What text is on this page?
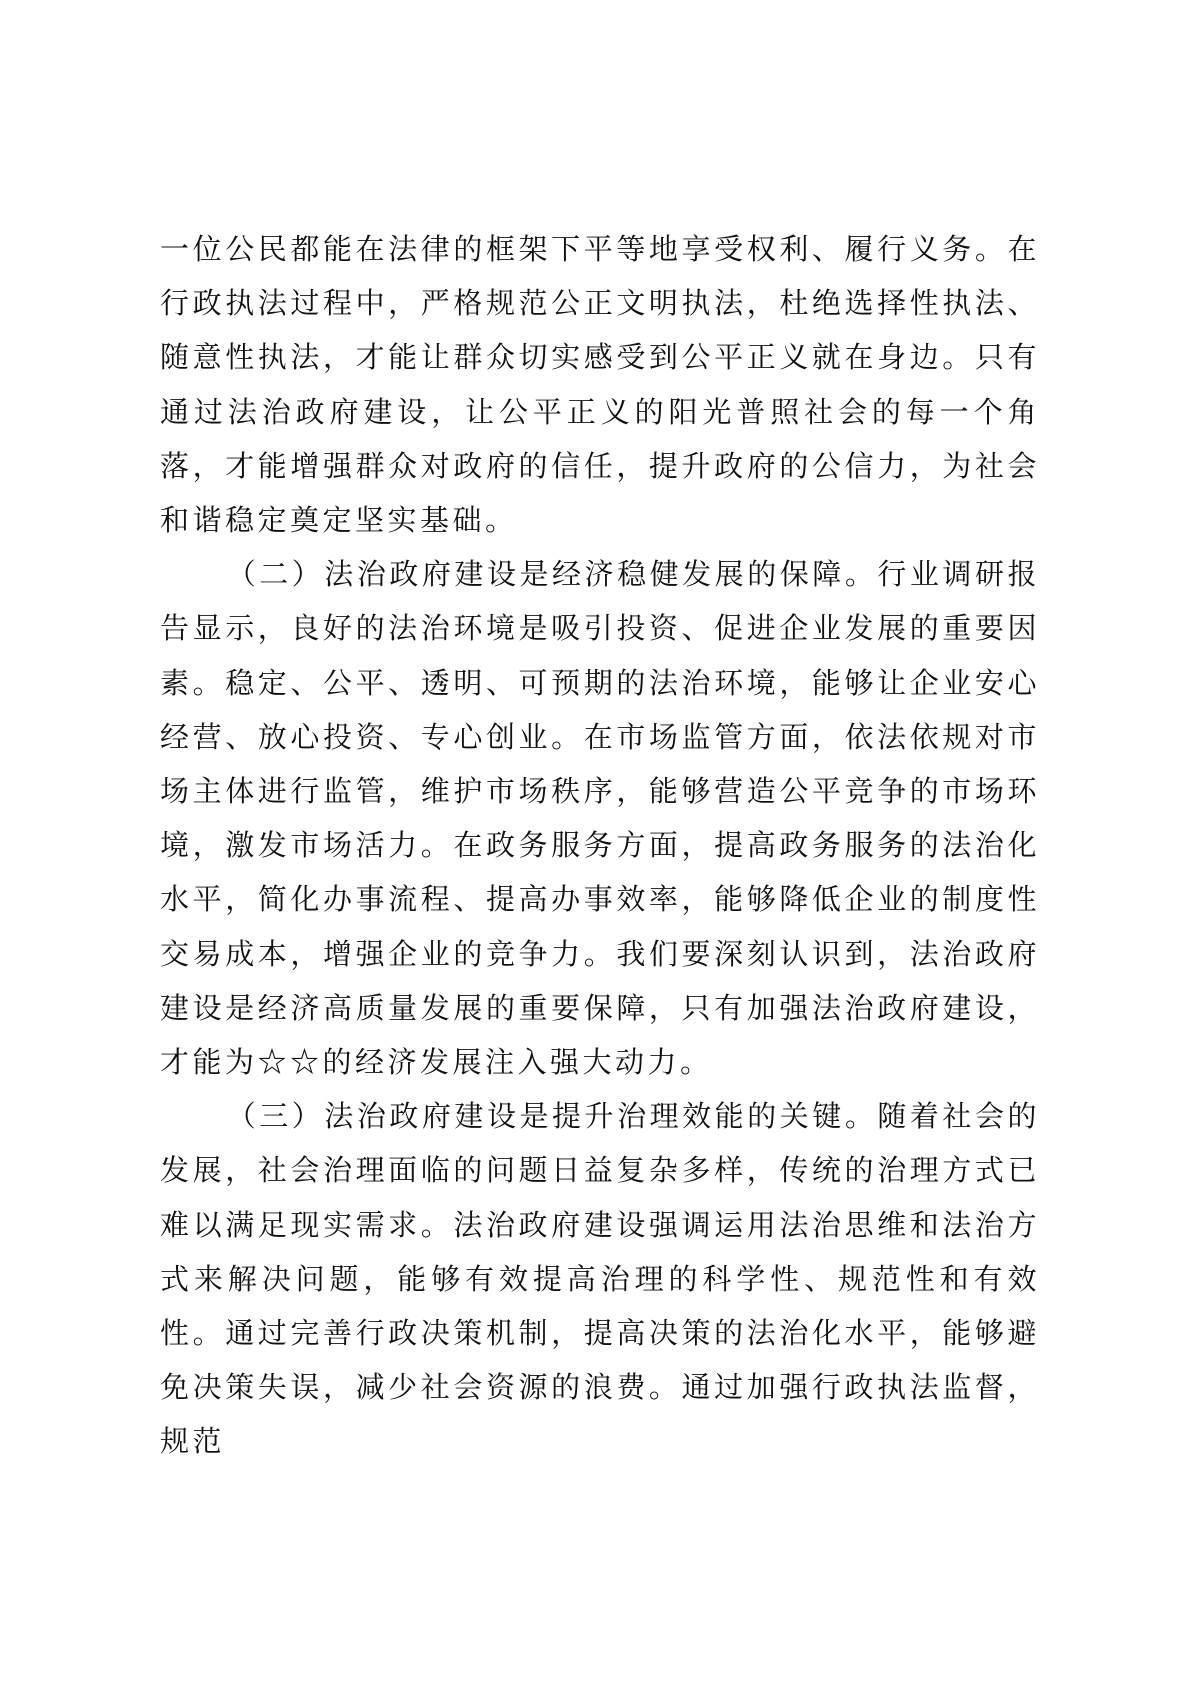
一位公民都能在法律的框架下平等地享受权利、履行义务。在行政执法过程中，严格规范公正文明执法，杜绝选择性执法、随意性执法，才能让群众切实感受到公平正义就在身边。只有通过法治政府建设，让公平正义的阳光普照社会的每一个角落，才能增强群众对政府的信任，提升政府的公信力，为社会和谐稳定奠定坚实基础。

（二）法治政府建设是经济稳健发展的保障。行业调研报告显示，良好的法治环境是吸引投资、促进企业发展的重要因素。稳定、公平、透明、可预期的法治环境，能够让企业安心经营、放心投资、专心创业。在市场监管方面，依法依规对市场主体进行监管，维护市场秩序，能够营造公平竞争的市场环境，激发市场活力。在政务服务方面，提高政务服务的法治化水平，简化办事流程、提高办事效率，能够降低企业的制度性交易成本，增强企业的竞争力。我们要深刻认识到，法治政府建设是经济高质量发展的重要保障，只有加强法治政府建设，才能为☆☆的经济发展注入强大动力。

（三）法治政府建设是提升治理效能的关键。随着社会的发展，社会治理面临的问题日益复杂多样，传统的治理方式已难以满足现实需求。法治政府建设强调运用法治思维和法治方式来解决问题，能够有效提高治理的科学性、规范性和有效性。通过完善行政决策机制，提高决策的法治化水平，能够避免决策失误，减少社会资源的浪费。通过加强行政执法监督，规范
